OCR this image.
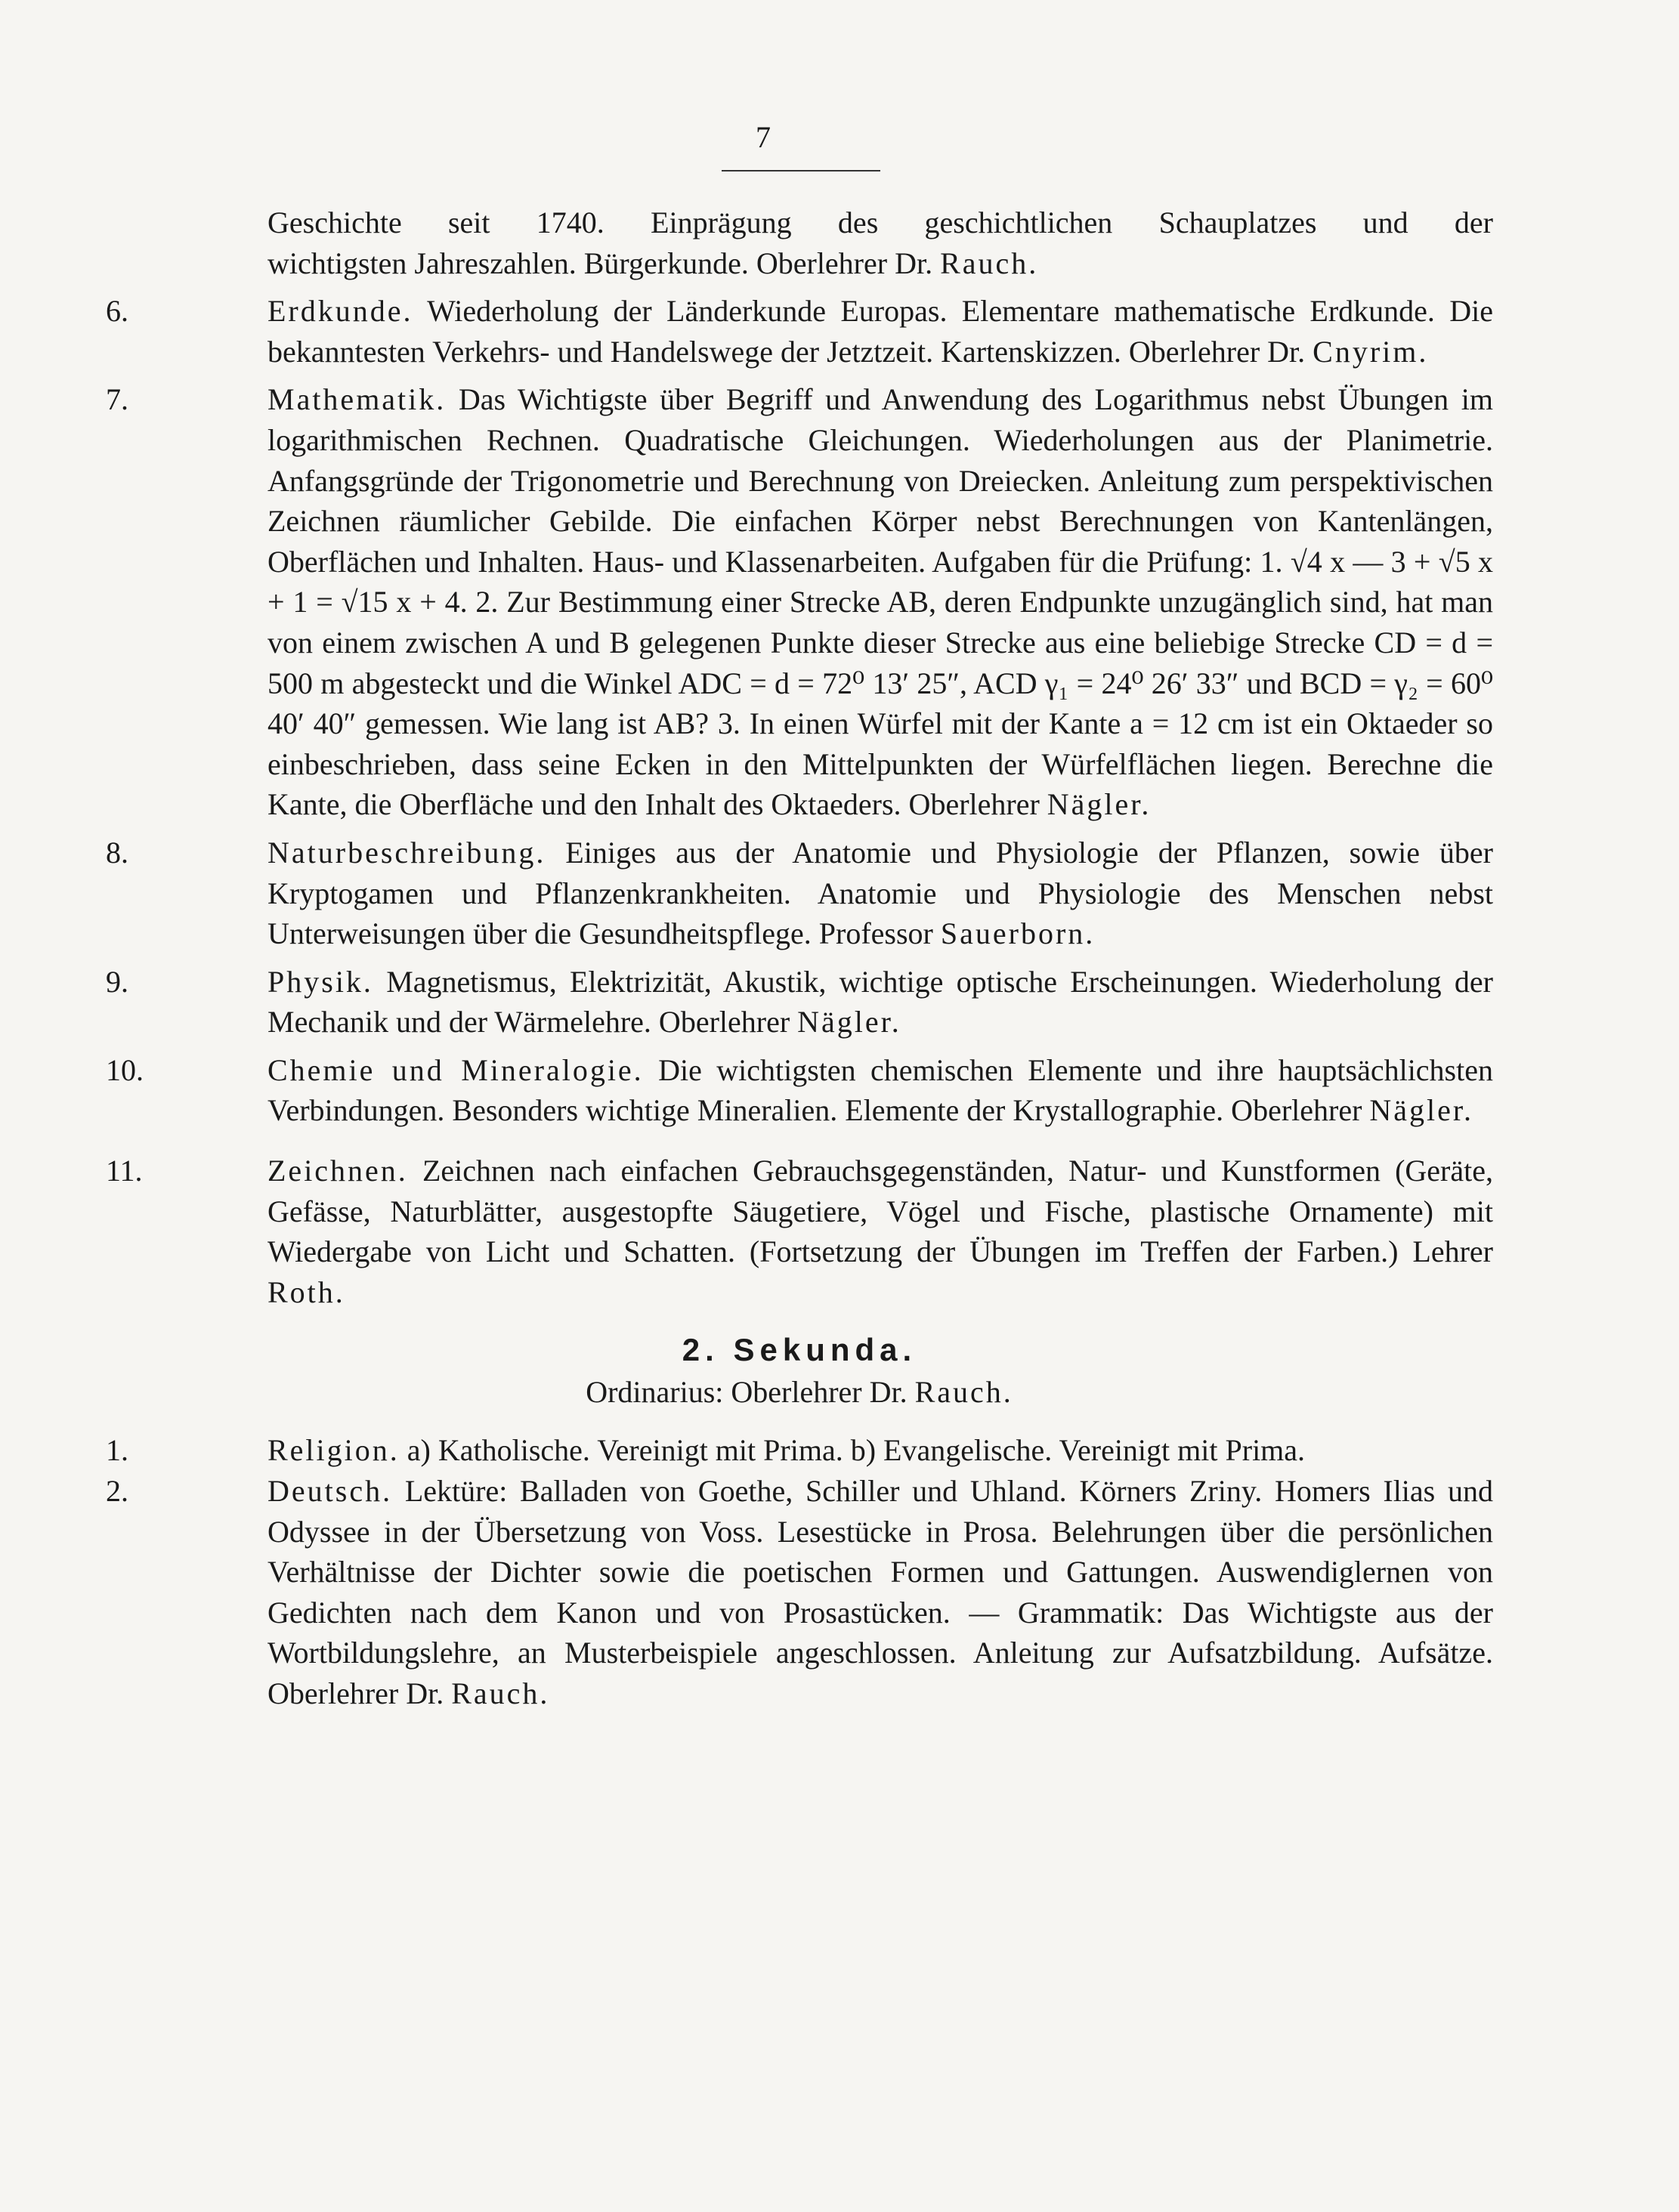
7
Geschichte seit 1740. Einprägung des geschichtlichen Schauplatzes und der
wichtigsten Jahreszahlen. Bürgerkunde. Oberlehrer Dr. Rauch.
6.	Erdkunde. Wiederholung der Länderkunde Europas. Elementare mathematische Erdkunde. Die bekanntesten Verkehrs- und Handelswege der Jetztzeit. Kartenskizzen. Oberlehrer Dr. Cnyrim.
7.	Mathematik. Das Wichtigste über Begriff und Anwendung des Logarithmus nebst Übungen im logarithmischen Rechnen. Quadratische Gleichungen. Wiederholungen aus der Planimetrie. Anfangsgründe der Trigonometrie und Berechnung von Dreiecken. Anleitung zum perspektivischen Zeichnen räumlicher Gebilde. Die einfachen Körper nebst Berechnungen von Kantenlängen, Oberflächen und Inhalten. Haus- und Klassenarbeiten. Aufgaben für die Prüfung: 1. √4 x — 3 + √5 x + 1 = √15 x + 4. 2. Zur Bestimmung einer Strecke AB, deren Endpunkte unzugänglich sind, hat man von einem zwischen A und B gelegenen Punkte dieser Strecke aus eine beliebige Strecke CD = d = 500 m abgesteckt und die Winkel ADC = d = 72⁰ 13′ 25″, ACD γ₁ = 24⁰ 26′ 33″ und BCD = γ₂ = 60⁰ 40′ 40″ gemessen. Wie lang ist AB? 3. In einen Würfel mit der Kante a = 12 cm ist ein Oktaeder so einbeschrieben, dass seine Ecken in den Mittelpunkten der Würfelflächen liegen. Berechne die Kante, die Oberfläche und den Inhalt des Oktaeders. Oberlehrer Nägler.
8.	Naturbeschreibung. Einiges aus der Anatomie und Physiologie der Pflanzen, sowie über Kryptogamen und Pflanzenkrankheiten. Anatomie und Physiologie des Menschen nebst Unterweisungen über die Gesundheitspflege. Professor Sauerborn.
9.	Physik. Magnetismus, Elektrizität, Akustik, wichtige optische Erscheinungen. Wiederholung der Mechanik und der Wärmelehre. Oberlehrer Nägler.
10.	Chemie und Mineralogie. Die wichtigsten chemischen Elemente und ihre hauptsächlichsten Verbindungen. Besonders wichtige Mineralien. Elemente der Krystallographie. Oberlehrer Nägler.
11.	Zeichnen. Zeichnen nach einfachen Gebrauchsgegenständen, Natur- und Kunstformen (Geräte, Gefässe, Naturblätter, ausgestopfte Säugetiere, Vögel und Fische, plastische Ornamente) mit Wiedergabe von Licht und Schatten. (Fortsetzung der Übungen im Treffen der Farben.) Lehrer Roth.
2. Sekunda.
Ordinarius: Oberlehrer Dr. Rauch.
1.	Religion. a) Katholische. Vereinigt mit Prima. b) Evangelische. Vereinigt mit Prima.
2.	Deutsch. Lektüre: Balladen von Goethe, Schiller und Uhland. Körners Zriny. Homers Ilias und Odyssee in der Übersetzung von Voss. Lesestücke in Prosa. Belehrungen über die persönlichen Verhältnisse der Dichter sowie die poetischen Formen und Gattungen. Auswendiglernen von Gedichten nach dem Kanon und von Prosastücken. — Grammatik: Das Wichtigste aus der Wortbildungslehre, an Musterbeispiele angeschlossen. Anleitung zur Aufsatzbildung. Aufsätze. Oberlehrer Dr. Rauch.
